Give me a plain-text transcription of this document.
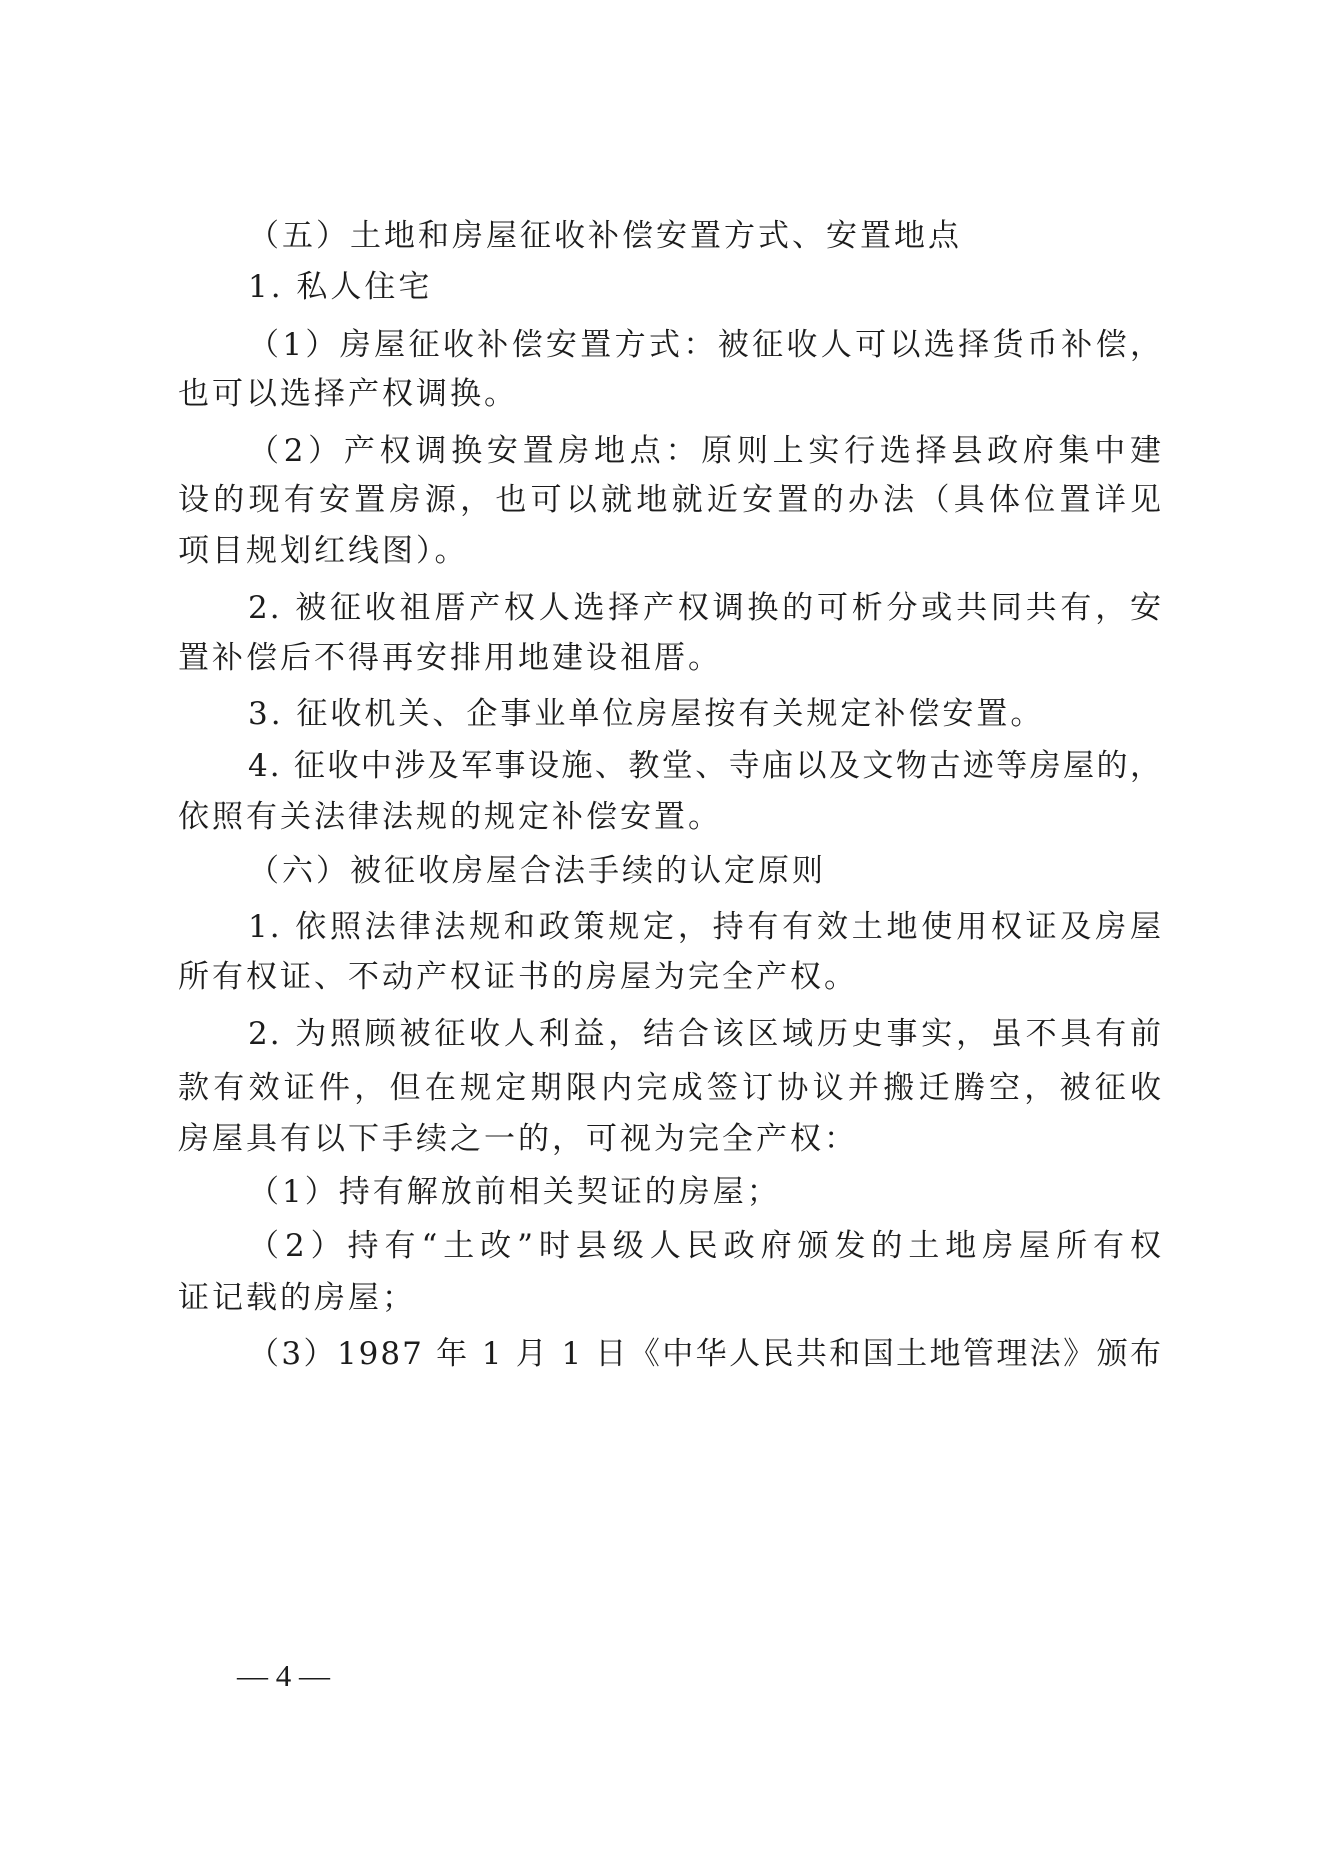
（五）土地和房屋征收补偿安置方式、安置地点
1. 私人住宅
（1）房屋征收补偿安置方式：被征收人可以选择货币补偿，
也可以选择产权调换。
（2）产权调换安置房地点：原则上实行选择县政府集中建
设的现有安置房源，也可以就地就近安置的办法（具体位置详见
项目规划红线图）。
2. 被征收祖厝产权人选择产权调换的可析分或共同共有，安
置补偿后不得再安排用地建设祖厝。
3. 征收机关、企事业单位房屋按有关规定补偿安置。
4. 征收中涉及军事设施、教堂、寺庙以及文物古迹等房屋的，
依照有关法律法规的规定补偿安置。
（六）被征收房屋合法手续的认定原则
1. 依照法律法规和政策规定，持有有效土地使用权证及房屋
所有权证、不动产权证书的房屋为完全产权。
2. 为照顾被征收人利益，结合该区域历史事实，虽不具有前
款有效证件，但在规定期限内完成签订协议并搬迁腾空，被征收
房屋具有以下手续之一的，可视为完全产权：
（1）持有解放前相关契证的房屋；
（2）持有“土改”时县级人民政府颁发的土地房屋所有权
证记载的房屋；
（3）1987 年 1 月 1 日《中华人民共和国土地管理法》颁布
— 4 —
